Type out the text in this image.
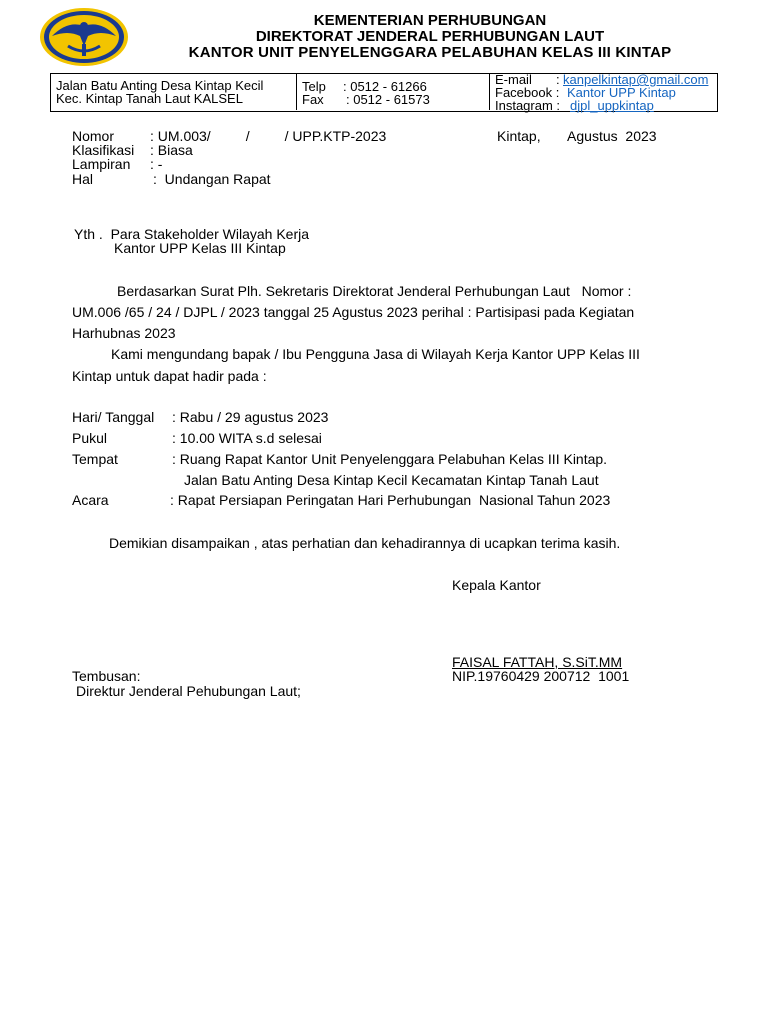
KEMENTERIAN PERHUBUNGAN
DIREKTORAT JENDERAL PERHUBUNGAN LAUT
KANTOR UNIT PENYELENGGARA PELABUHAN KELAS III KINTAP
Jalan Batu Anting Desa Kintap Kecil
Kec. Kintap Tanah Laut KALSEL
Telp : 0512 - 61266
Fax : 0512 - 61573
E-mail : kanpelkintap@gmail.com
Facebook : Kantor UPP Kintap
Instagram : djpl_uppkintap
Nomor	: UM.003/         /         / UPP.KTP-2023	Kintap,       Agustus  2023
Klasifikasi : Biasa
Lampiran : -
Hal	:  Undangan Rapat
Yth .  Para Stakeholder Wilayah Kerja
Kantor UPP Kelas III Kintap
Berdasarkan Surat Plh. Sekretaris Direktorat Jenderal Perhubungan Laut   Nomor :
UM.006 /65 / 24 / DJPL / 2023 tanggal 25 Agustus 2023 perihal : Partisipasi pada Kegiatan
Harhubnas 2023
Kami mengundang bapak / Ibu Pengguna Jasa di Wilayah Kerja Kantor UPP Kelas III
Kintap untuk dapat hadir pada :
Hari/ Tanggal : Rabu / 29 agustus 2023
Pukul	: 10.00 WITA s.d selesai
Tempat	: Ruang Rapat Kantor Unit Penyelenggara Pelabuhan Kelas III Kintap.
Jalan Batu Anting Desa Kintap Kecil Kecamatan Kintap Tanah Laut
Acara	: Rapat Persiapan Peringatan Hari Perhubungan  Nasional Tahun 2023
Demikian disampaikan , atas perhatian dan kehadirannya di ucapkan terima kasih.
Kepala Kantor
FAISAL FATTAH, S.SiT.MM
NIP.19760429 200712  1001
Tembusan:
Direktur Jenderal Pehubungan Laut;
